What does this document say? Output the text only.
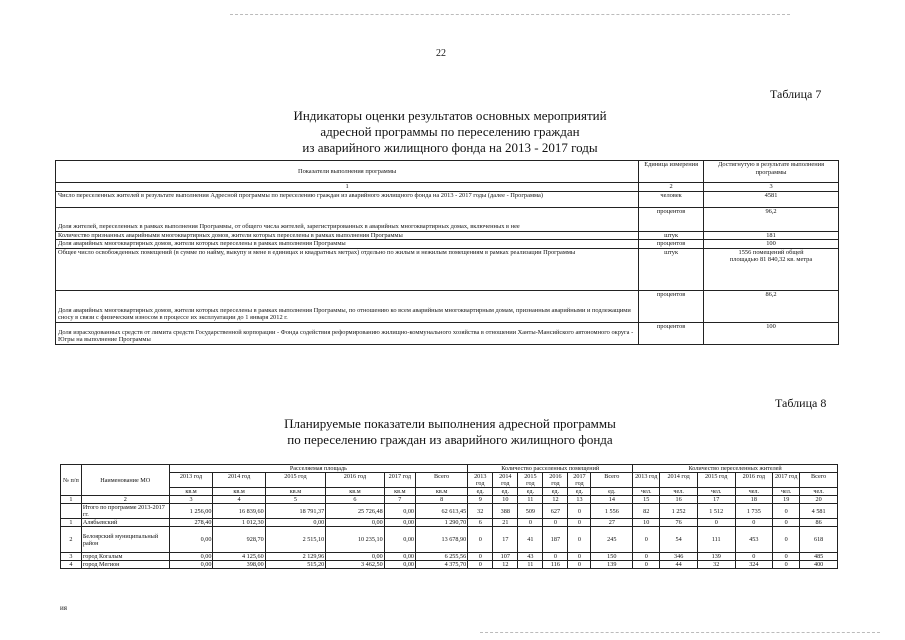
22
Таблица 7
Индикаторы оценки результатов основных мероприятий
адресной программы по переселению граждан
из аварийного жилищного фонда на 2013 - 2017 годы
Показатели выполнения программы	Единица измерения	Достигнутую в результате выполнения программы
1	2	3
Число переселенных жителей в результате выполнения Адресной программы по переселению граждан из аварийного жилищного фонда на 2013 - 2017 годы (далее - Программа)	человек	4581
Доля жителей, переселенных в рамках выполнения Программы, от общего числа жителей, зарегистрированных в аварийных многоквартирных домах, включенных в нее	процентов	96,2
Количество признанных аварийными многоквартирных домов, жители которых переселены в рамках выполнения Программы	штук	181
Доля аварийных многоквартирных домов, жители которых переселены в рамках выполнения Программы	процентов	100
Общее число освобожденных помещений (в сумме по найму, выкупу и мене в единицах и квадратных метрах) отдельно по жилым и нежилым помещениям в рамках реализации Программы	штук	1556 помещений общей площадью 81 840,32 кв. метра
Доля аварийных многоквартирных домов, жители которых переселены в рамках выполнения Программы, по отношению ко всем аварийным многоквартирным домам, признанным аварийными и подлежащими сносу в связи с физическим износом в процессе их эксплуатации до 1 января 2012 г.	процентов	86,2
Доля израсходованных средств от лимита средств Государственной корпорации - Фонда содействия реформированию жилищно-коммунального хозяйства в отношении Ханты-Мансийского автономного округа - Югры на выполнение Программы	процентов	100
Таблица 8
Планируемые показатели выполнения адресной программы
по переселению граждан из аварийного жилищного фонда
№ п/п	Наименование МО	Расселяемая площадь						Количество расселенных помещений						Количество переселенных жителей					
		2013 год	2014 год	2015 год	2016 год	2017 год	Всего	2013 год	2014 год	2015 год	2016 год	2017 год	Всего	2013 год	2014 год	2015 год	2016 год	2017 год	Всего
		кв.м	кв.м	кв.м	кв.м	кв.м	кв.м	ед.	ед.	ед.	ед.	ед.	ед.	чел.	чел.	чел.	чел.	чел.	чел.
1	2	3	4	5	6	7	8	9	10	11	12	13	14	15	16	17	18	19	20
	Итого по программе 2013-2017 гг.	1 256,00	16 839,60	18 791,37	25 726,48	0,00	62 613,45	32	388	509	627	0	1 556	82	1 252	1 512	1 735	0	4 581
1	Алябьевский	278,40	1 012,30	0,00	0,00	0,00	1 290,70	6	21	0	0	0	27	10	76	0	0	0	86
2	Белоярский муниципальный район	0,00	928,70	2 515,10	10 235,10	0,00	13 678,90	0	17	41	187	0	245	0	54	111	453	0	618
3	город Когалым	0,00	4 125,60	2 129,96	0,00	0,00	6 255,56	0	107	43	0	0	150	0	346	139	0	0	485
4	город Мегион	0,00	398,00	515,20	3 462,50	0,00	4 375,70	0	12	11	116	0	139	0	44	32	324	0	400
ия
